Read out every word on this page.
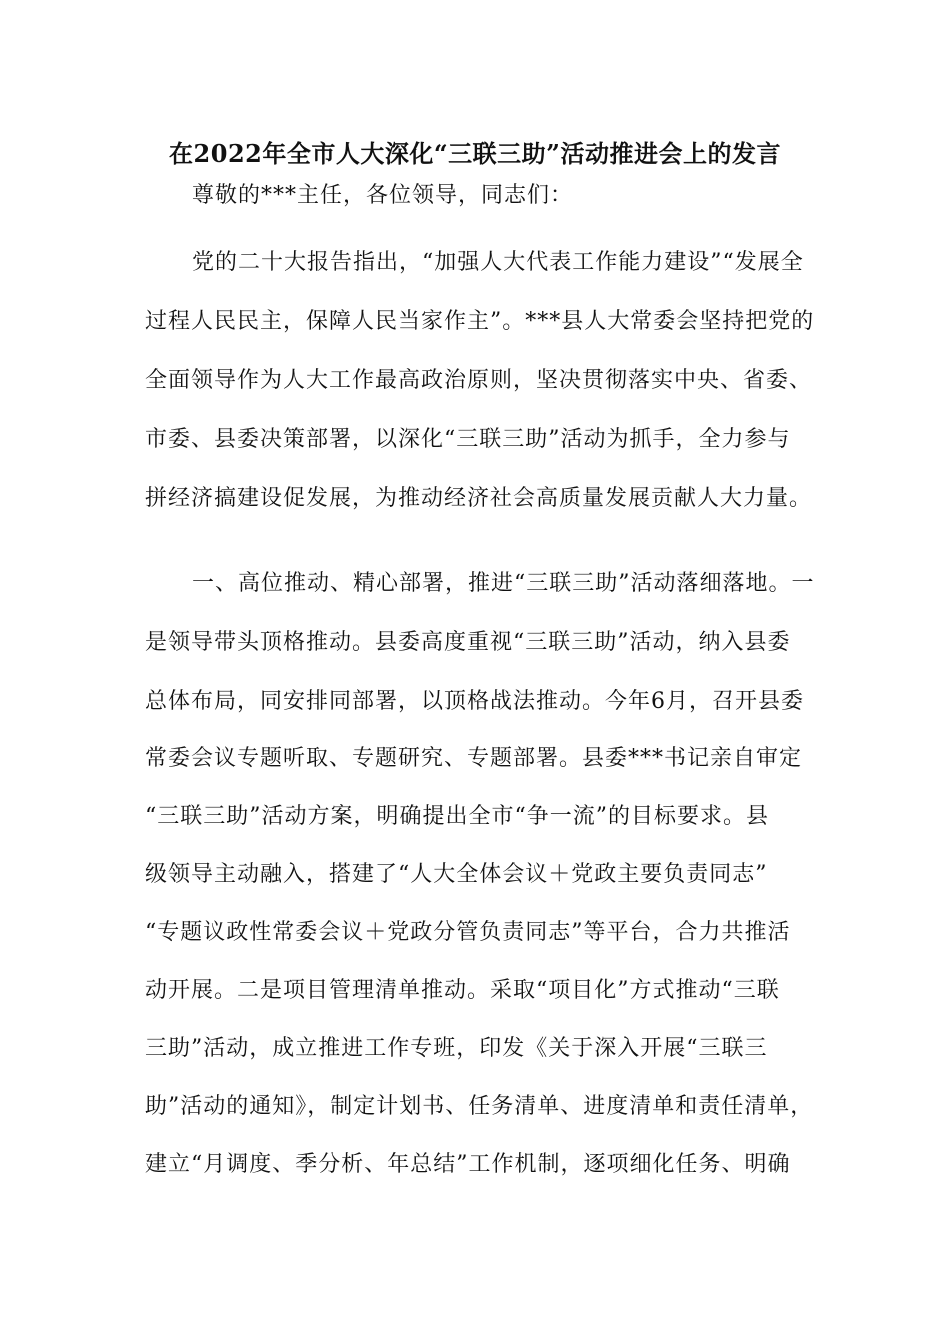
在2022年全市人大深化“三联三助”活动推进会上的发言
尊敬的***主任，各位领导，同志们：
党的二十大报告指出，“加强人大代表工作能力建设”“发展全
过程人民民主，保障人民当家作主”。***县人大常委会坚持把党的
全面领导作为人大工作最高政治原则，坚决贯彻落实中央、省委、
市委、县委决策部署，以深化“三联三助”活动为抓手，全力参与
拼经济搞建设促发展，为推动经济社会高质量发展贡献人大力量。
一、高位推动、精心部署，推进“三联三助”活动落细落地。一
是领导带头顶格推动。县委高度重视“三联三助”活动，纳入县委
总体布局，同安排同部署，以顶格战法推动。今年6月，召开县委
常委会议专题听取、专题研究、专题部署。县委***书记亲自审定
“三联三助”活动方案，明确提出全市“争一流”的目标要求。县
级领导主动融入，搭建了“人大全体会议＋党政主要负责同志”
“专题议政性常委会议＋党政分管负责同志”等平台，合力共推活
动开展。二是项目管理清单推动。采取“项目化”方式推动“三联
三助”活动，成立推进工作专班，印发《关于深入开展“三联三
助”活动的通知》，制定计划书、任务清单、进度清单和责任清单，
建立“月调度、季分析、年总结”工作机制，逐项细化任务、明确
